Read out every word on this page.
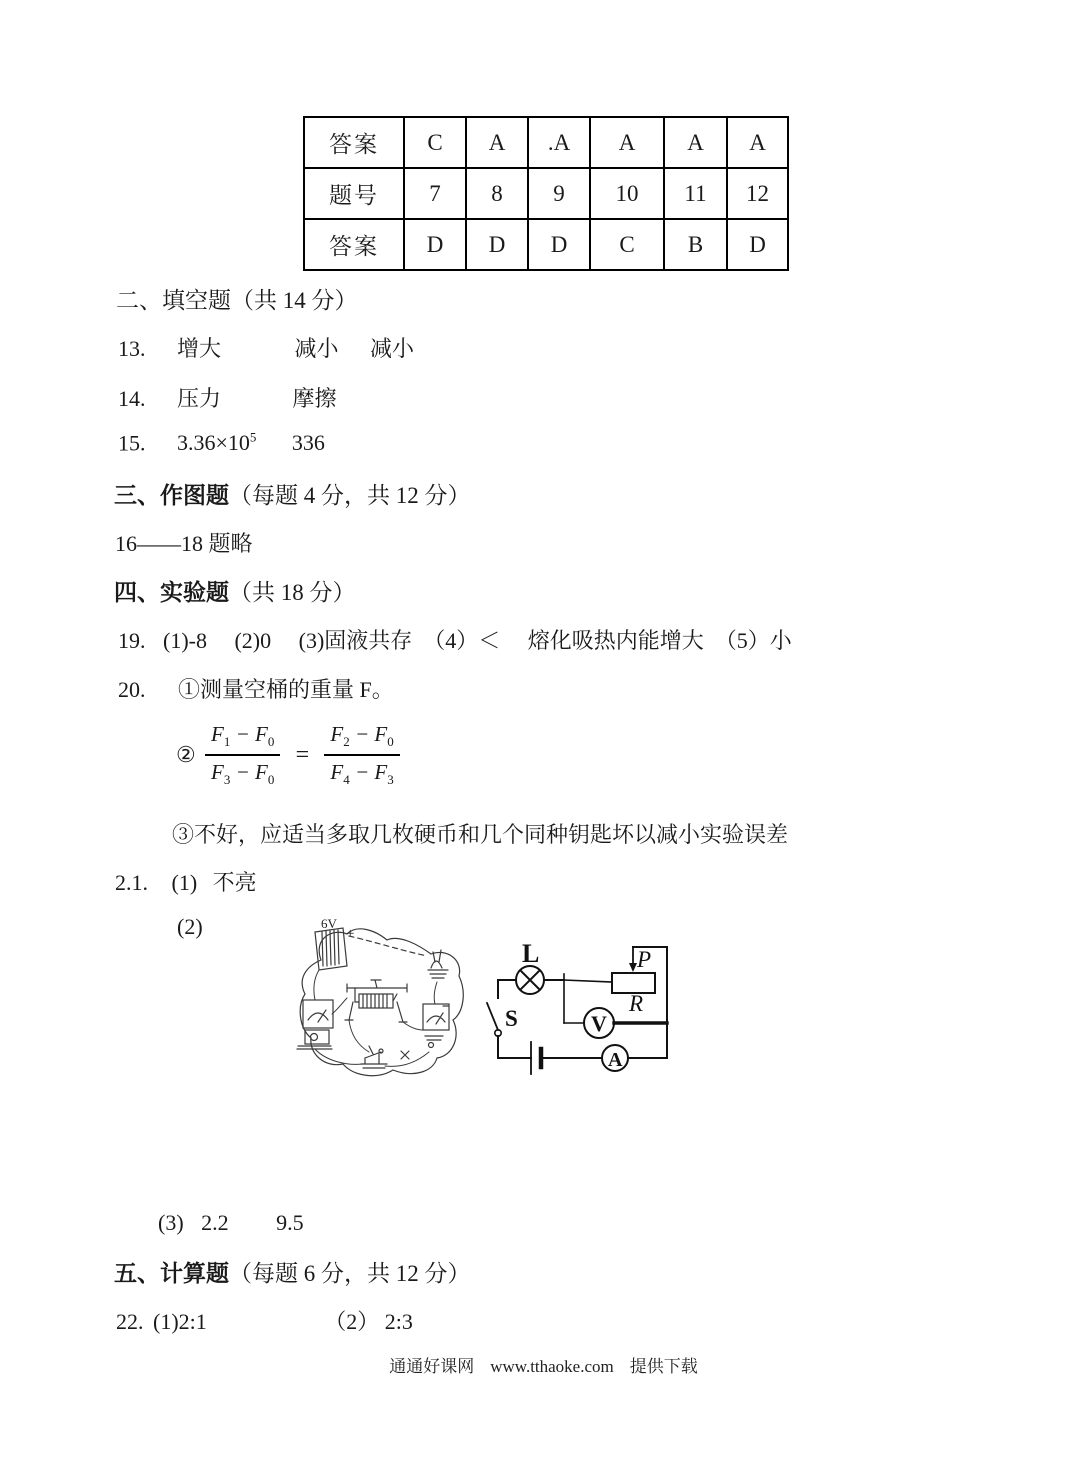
答案	C	A	.A	A	A	A
题号	7	8	9	10	11	12
答案	D	D	D	C	B	D
二、填空题（共 14 分）
13. 增大	减小 减小
14. 压力	摩擦
15. $3.36\times 10^5$ 336
三、作图题（每题 4 分，共 12 分）
16——18 题略
四、实验题（共 18 分）
19. (1)-8　 (2)0　 (3)固液共存　（4）＜　 熔化吸热内能增大　（5）小
20. ①测量空桶的重量 F。
② $\frac{F_1 - F_0}{F_3 - F_0} = \frac{F_2 - F_0}{F_4 - F_3}$
③不好，应适当多取几枚硬币和几个同种钥匙坏以减小实验误差
2.1. (1) 不亮
(2)	6V
+
L
S
P
R
V
A
(3) 2.2 9.5
五、计算题（每题 6 分，共 12 分）
22. (1)2:1	（2） 2:3
通通好课网 www.tthaoke.com 提供下载
